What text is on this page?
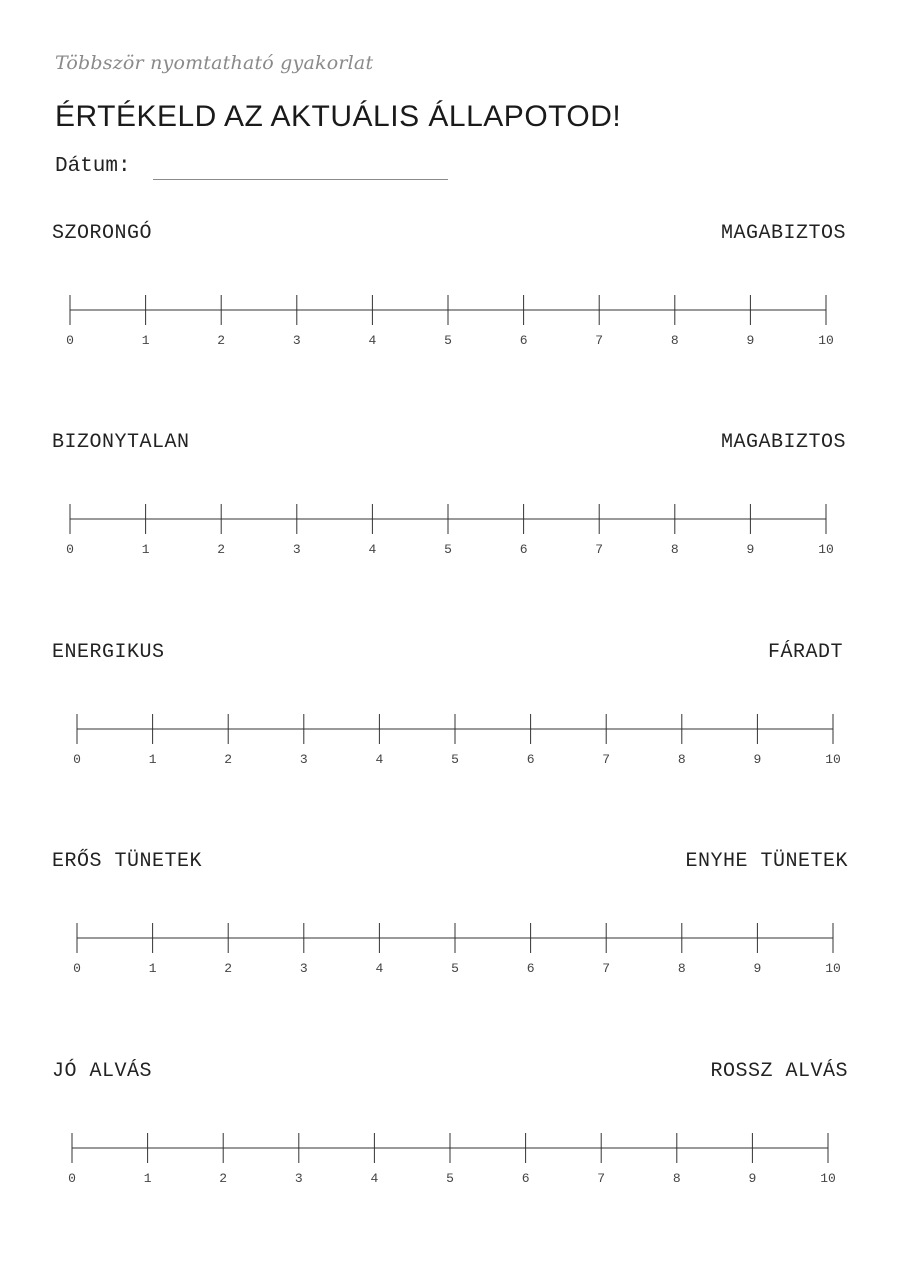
Többször nyomtatható gyakorlat
ÉRTÉKELD AZ AKTUÁLIS ÁLLAPOTOD!
Dátum:
0	1	2	3	4	5	6	7	8	9	10
SZORONGÓ	MAGABIZTOS
0	1	2	3	4	5	6	7	8	9	10
BIZONYTALAN	MAGABIZTOS
0	1	2	3	4	5	6	7	8	9	10
ENERGIKUS	FÁRADT
0	1	2	3	4	5	6	7	8	9	10
ERŐS TÜNETEK	ENYHE TÜNETEK
0	1	2	3	4	5	6	7	8	9	10
JÓ ALVÁS	ROSSZ ALVÁS
